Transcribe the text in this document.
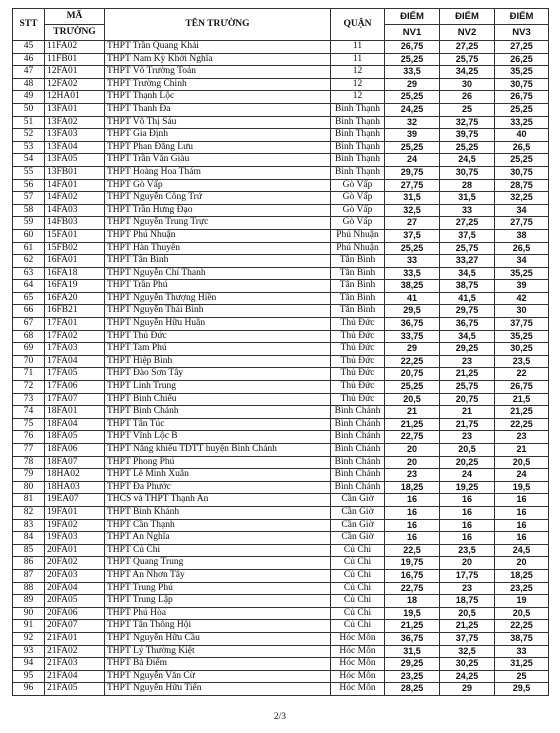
STT	MÃ	TÊN TRƯỜNG	QUẬN	ĐIỂM	ĐIỂM	ĐIỂM
	TRƯỜNG			NV1	NV2	NV3
45	11FA02	THPT Trần Quang Khải	11	26,75	27,25	27,25
46	11FB01	THPT Nam Kỳ Khởi Nghĩa	11	25,25	25,75	26,25
47	12FA01	THPT Võ Trường Toản	12	33,5	34,25	35,25
48	12FA02	THPT Trường Chinh	12	29	30	30,75
49	12HA01	THPT Thạnh Lộc	12	25,25	26	26,75
50	13FA01	THPT Thanh Đa	Bình Thạnh	24,25	25	25,25
51	13FA02	THPT Võ Thị Sáu	Bình Thạnh	32	32,75	33,25
52	13FA03	THPT Gia Định	Bình Thạnh	39	39,75	40
53	13FA04	THPT Phan Đăng Lưu	Bình Thạnh	25,25	25,25	26,5
54	13FA05	THPT Trần Văn Giàu	Bình Thạnh	24	24,5	25,25
55	13FB01	THPT Hoàng Hoa Thám	Bình Thạnh	29,75	30,75	30,75
56	14FA01	THPT Gò Vấp	Gò Vấp	27,75	28	28,75
57	14FA02	THPT Nguyễn Công Trứ	Gò Vấp	31,5	31,5	32,25
58	14FA03	THPT Trần Hưng Đạo	Gò Vấp	32,5	33	34
59	14FB03	THPT Nguyễn Trung Trực	Gò Vấp	27	27,25	27,75
60	15FA01	THPT Phú Nhuận	Phú Nhuận	37,5	37,5	38
61	15FB02	THPT Hàn Thuyên	Phú Nhuận	25,25	25,75	26,5
62	16FA01	THPT Tân Bình	Tân Bình	33	33,27	34
63	16FA18	THPT Nguyễn Chí Thanh	Tân Bình	33,5	34,5	35,25
64	16FA19	THPT Trần Phú	Tân Bình	38,25	38,75	39
65	16FA20	THPT Nguyễn Thượng Hiền	Tân Bình	41	41,5	42
66	16FB21	THPT Nguyễn Thái Bình	Tân Bình	29,5	29,75	30
67	17FA01	THPT Nguyễn Hữu Huân	Thủ Đức	36,75	36,75	37,75
68	17FA02	THPT Thủ Đức	Thủ Đức	33,75	34,5	35,25
69	17FA03	THPT Tam Phú	Thủ Đức	29	29,25	30,25
70	17FA04	THPT Hiệp Bình	Thủ Đức	22,25	23	23,5
71	17FA05	THPT Đào Sơn Tây	Thủ Đức	20,75	21,25	22
72	17FA06	THPT Linh Trung	Thủ Đức	25,25	25,75	26,75
73	17FA07	THPT Bình Chiểu	Thủ Đức	20,5	20,75	21,5
74	18FA01	THPT Bình Chánh	Bình Chánh	21	21	21,25
75	18FA04	THPT Tân Túc	Bình Chánh	21,25	21,75	22,25
76	18FA05	THPT Vĩnh Lộc B	Bình Chánh	22,75	23	23
77	18FA06	THPT Năng khiếu TDTT huyện Bình Chánh	Bình Chánh	20	20,5	21
78	18FA07	THPT Phong Phú	Bình Chánh	20	20,25	20,5
79	18HA02	THPT Lê Minh Xuân	Bình Chánh	23	24	24
80	18HA03	THPT Đa Phước	Bình Chánh	18,25	19,25	19,5
81	19EA07	THCS và THPT Thạnh An	Cần Giờ	16	16	16
82	19FA01	THPT Bình Khánh	Cần Giờ	16	16	16
83	19FA02	THPT Cần Thạnh	Cần Giờ	16	16	16
84	19FA03	THPT An Nghĩa	Cần Giờ	16	16	16
85	20FA01	THPT Củ Chi	Củ Chi	22,5	23,5	24,5
86	20FA02	THPT Quang Trung	Củ Chi	19,75	20	20
87	20FA03	THPT An Nhơn Tây	Củ Chi	16,75	17,75	18,25
88	20FA04	THPT Trung Phú	Củ Chi	22,75	23	23,25
89	20FA05	THPT Trung Lập	Củ Chi	18	18,75	19
90	20FA06	THPT Phú Hòa	Củ Chi	19,5	20,5	20,5
91	20FA07	THPT Tân Thông Hội	Củ Chi	21,25	21,25	22,25
92	21FA01	THPT Nguyễn Hữu Cầu	Hóc Môn	36,75	37,75	38,75
93	21FA02	THPT Lý Thường Kiệt	Hóc Môn	31,5	32,5	33
94	21FA03	THPT Bà Điểm	Hóc Môn	29,25	30,25	31,25
95	21FA04	THPT Nguyễn Văn Cừ	Hóc Môn	23,25	24,25	25
96	21FA05	THPT Nguyễn Hữu Tiến	Hóc Môn	28,25	29	29,5
2/3
